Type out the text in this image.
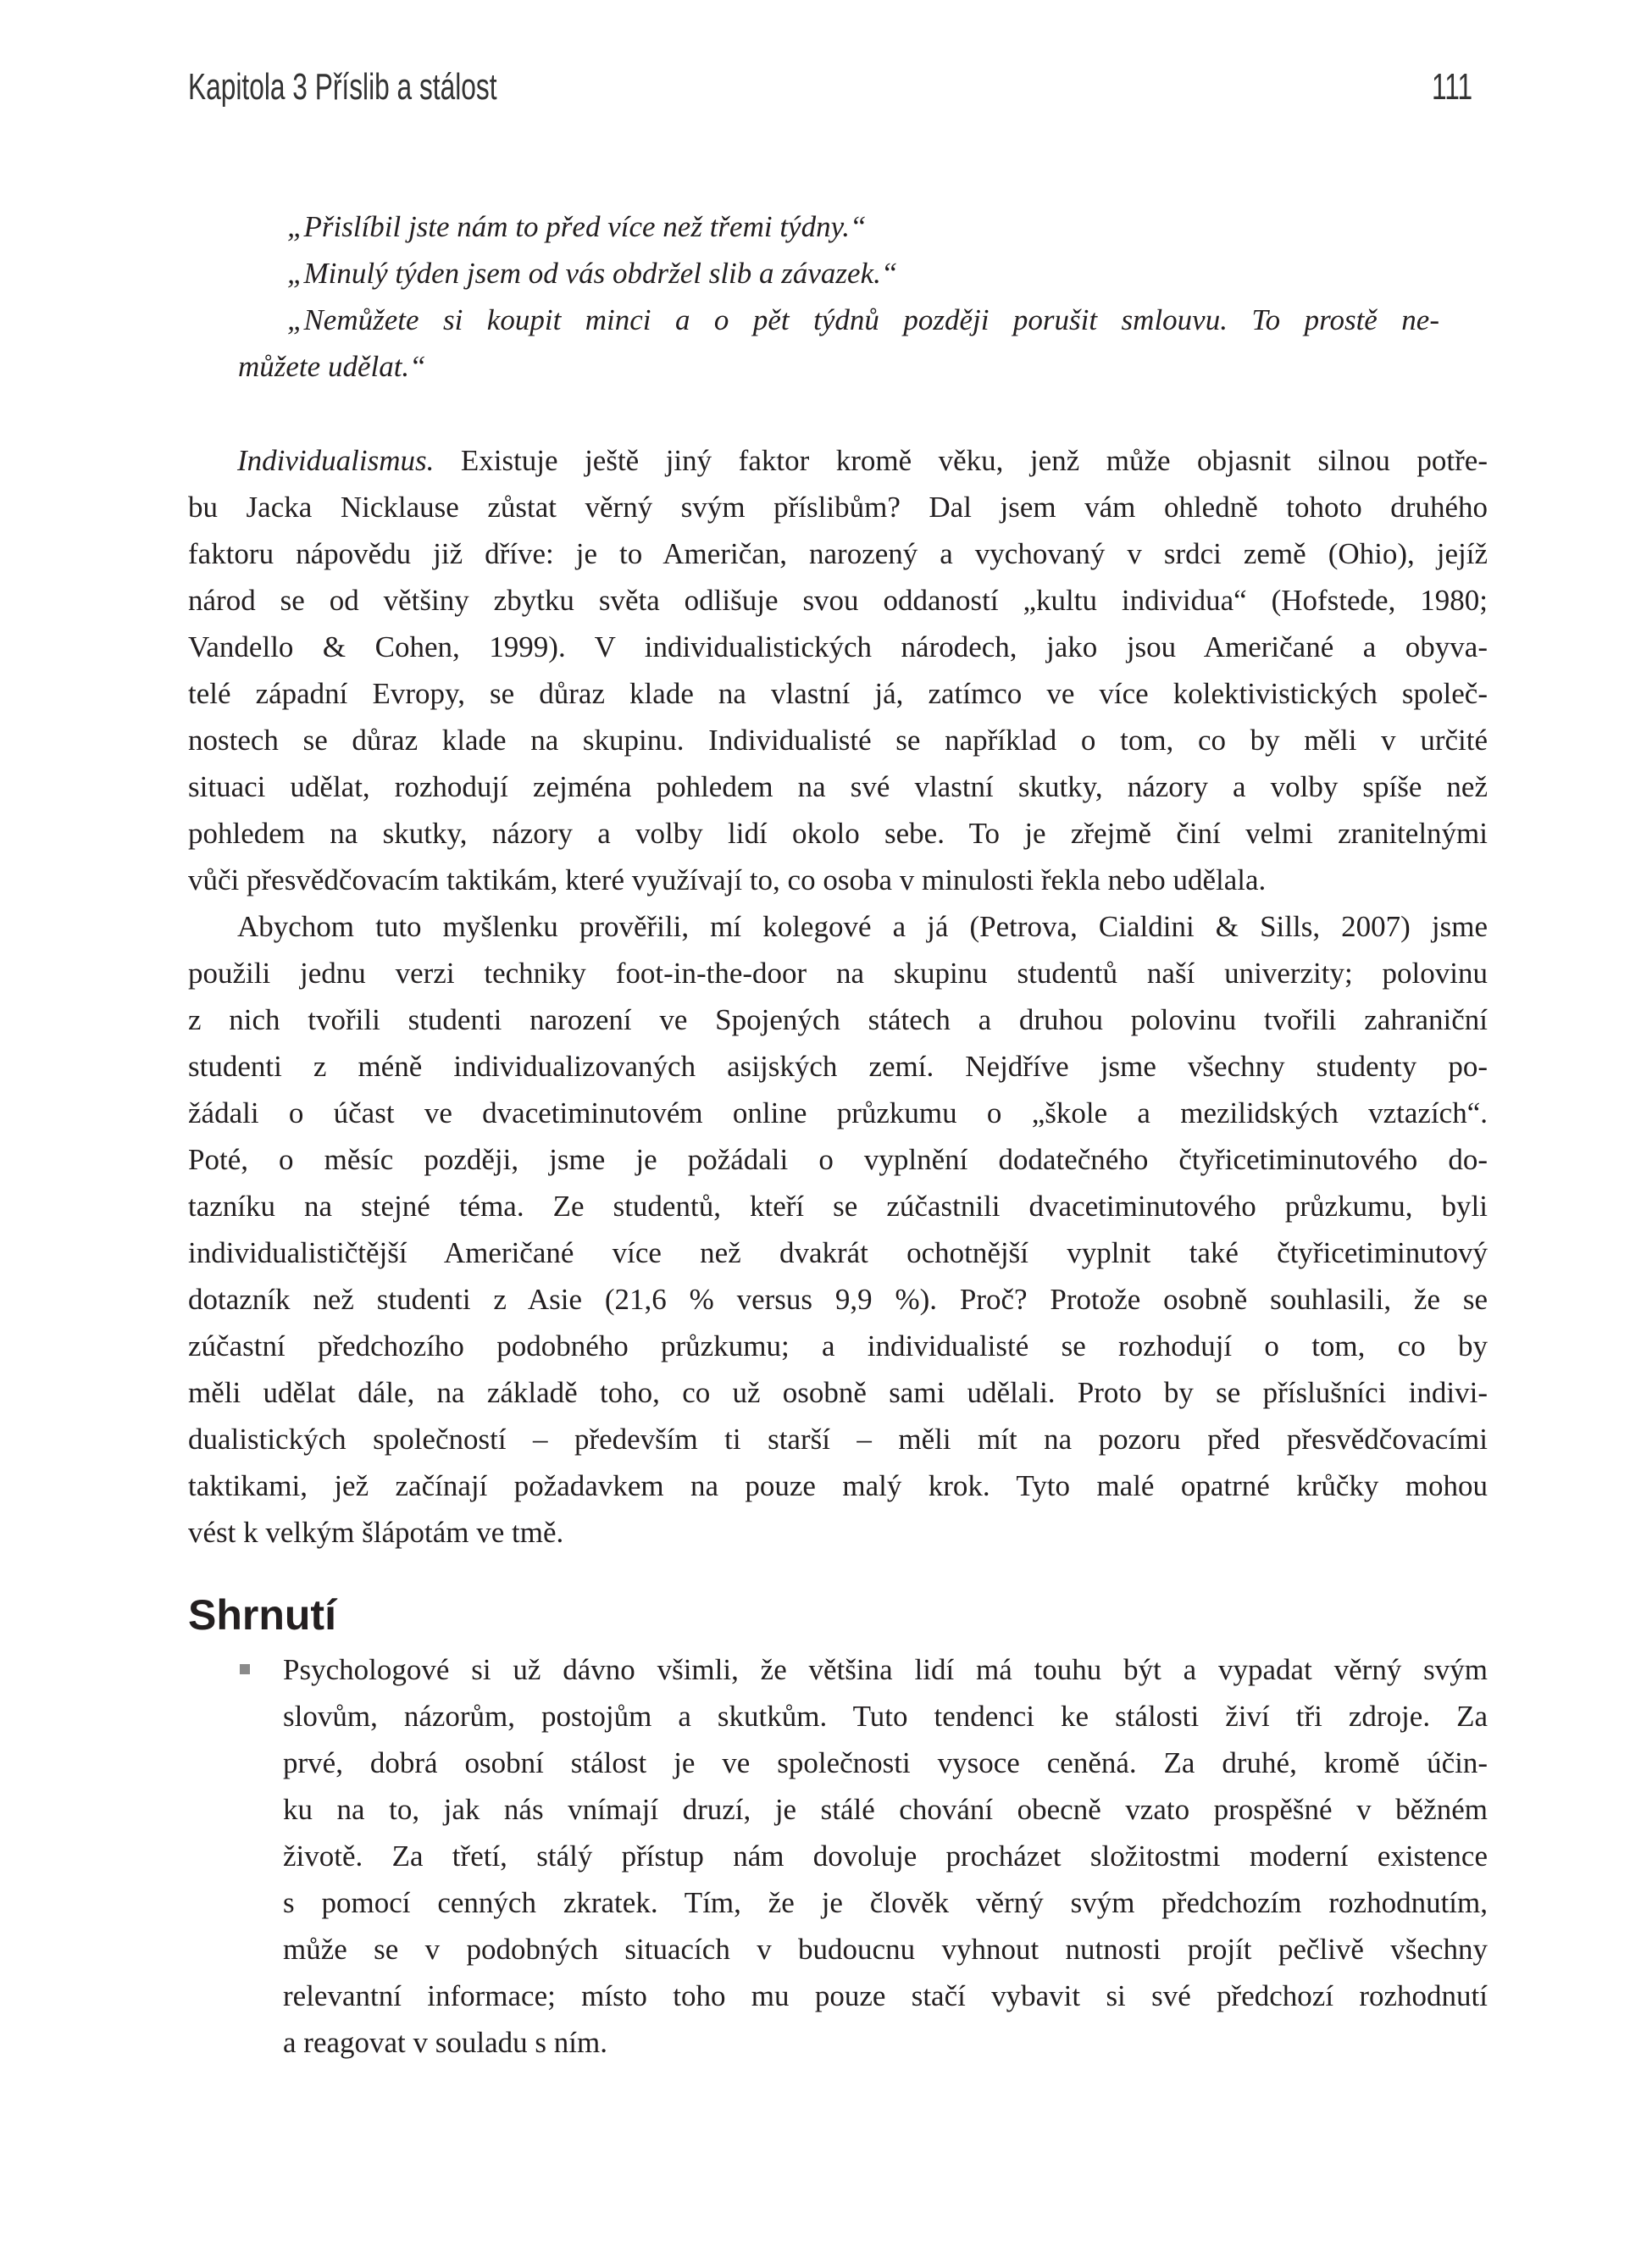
Kapitola 3 Příslib a stálost	111
„Přislíbil jste nám to před více než třemi týdny.“
„Minulý týden jsem od vás obdržel slib a závazek.“
„Nemůžete si koupit minci a o pět týdnů později porušit smlouvu. To prostě ne-
můžete udělat.“
Individualismus. Existuje ještě jiný faktor kromě věku, jenž může objasnit silnou potře-
bu Jacka Nicklause zůstat věrný svým příslibům? Dal jsem vám ohledně tohoto druhého
faktoru nápovědu již dříve: je to Američan, narozený a vychovaný v srdci země (Ohio), jejíž
národ se od většiny zbytku světa odlišuje svou oddaností „kultu individua“ (Hofstede, 1980;
Vandello & Cohen, 1999). V individualistických národech, jako jsou Američané a obyva-
telé západní Evropy, se důraz klade na vlastní já, zatímco ve více kolektivistických společ-
nostech se důraz klade na skupinu. Individualisté se například o tom, co by měli v určité
situaci udělat, rozhodují zejména pohledem na své vlastní skutky, názory a volby spíše než
pohledem na skutky, názory a volby lidí okolo sebe. To je zřejmě činí velmi zranitelnými
vůči přesvědčovacím taktikám, které využívají to, co osoba v minulosti řekla nebo udělala.
Abychom tuto myšlenku prověřili, mí kolegové a já (Petrova, Cialdini & Sills, 2007) jsme
použili jednu verzi techniky foot-in-the-door na skupinu studentů naší univerzity; polovinu
z nich tvořili studenti narození ve Spojených státech a druhou polovinu tvořili zahraniční
studenti z méně individualizovaných asijských zemí. Nejdříve jsme všechny studenty po-
žádali o účast ve dvacetiminutovém online průzkumu o „škole a mezilidských vztazích“.
Poté, o měsíc později, jsme je požádali o vyplnění dodatečného čtyřicetiminutového do-
tazníku na stejné téma. Ze studentů, kteří se zúčastnili dvacetiminutového průzkumu, byli
individualističtější Američané více než dvakrát ochotnější vyplnit také čtyřicetiminutový
dotazník než studenti z Asie (21,6 % versus 9,9 %). Proč? Protože osobně souhlasili, že se
zúčastní předchozího podobného průzkumu; a individualisté se rozhodují o tom, co by
měli udělat dále, na základě toho, co už osobně sami udělali. Proto by se příslušníci indivi-
dualistických společností – především ti starší – měli mít na pozoru před přesvědčovacími
taktikami, jež začínají požadavkem na pouze malý krok. Tyto malé opatrné krůčky mohou
vést k velkým šlápotám ve tmě.
Shrnutí
Psychologové si už dávno všimli, že většina lidí má touhu být a vypadat věrný svým
slovům, názorům, postojům a skutkům. Tuto tendenci ke stálosti živí tři zdroje. Za
prvé, dobrá osobní stálost je ve společnosti vysoce ceněná. Za druhé, kromě účin-
ku na to, jak nás vnímají druzí, je stálé chování obecně vzato prospěšné v běžném
životě. Za třetí, stálý přístup nám dovoluje procházet složitostmi moderní existence
s pomocí cenných zkratek. Tím, že je člověk věrný svým předchozím rozhodnutím,
může se v podobných situacích v budoucnu vyhnout nutnosti projít pečlivě všechny
relevantní informace; místo toho mu pouze stačí vybavit si své předchozí rozhodnutí
a reagovat v souladu s ním.
